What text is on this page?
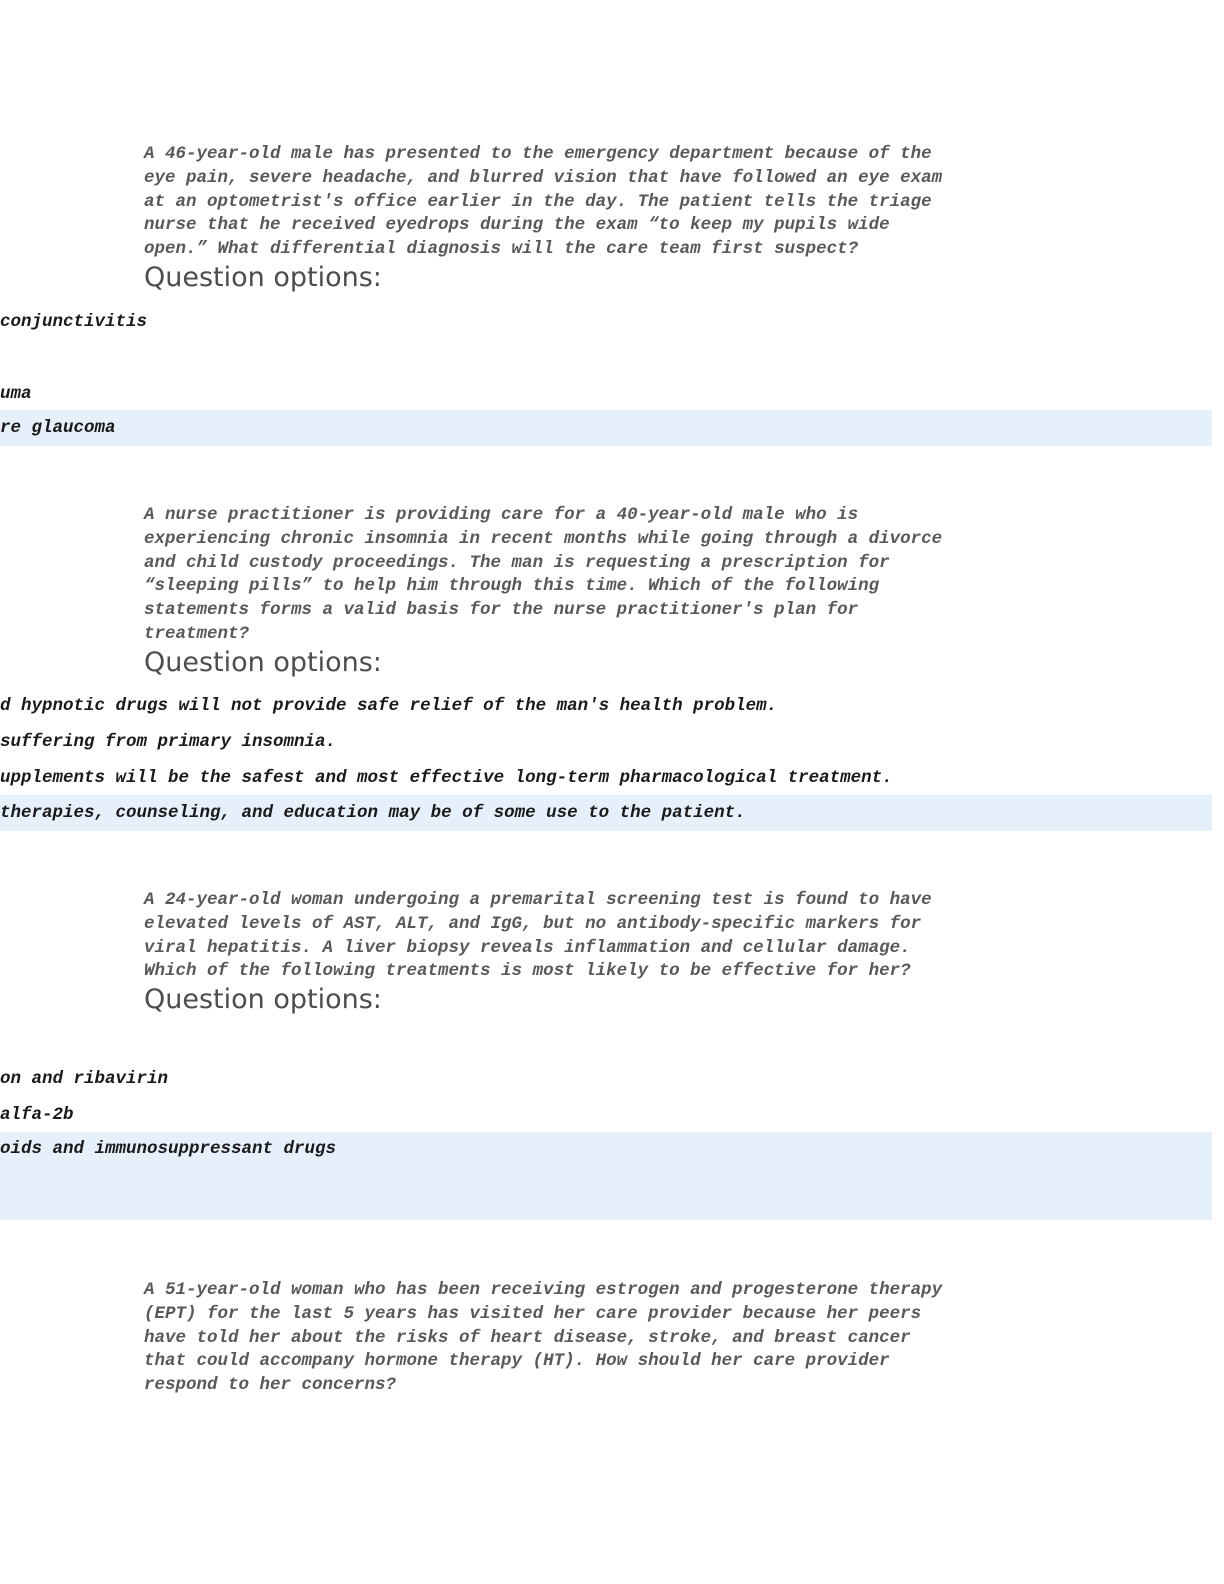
A 46-year-old male has presented to the emergency department because of the
eye pain, severe headache, and blurred vision that have followed an eye exam
at an optometrist's office earlier in the day. The patient tells the triage
nurse that he received eyedrops during the exam “to keep my pupils wide
open.” What differential diagnosis will the care team first suspect?

Question options:
conjunctivitis
uma
re glaucoma

A nurse practitioner is providing care for a 40-year-old male who is
experiencing chronic insomnia in recent months while going through a divorce
and child custody proceedings. The man is requesting a prescription for
“sleeping pills” to help him through this time. Which of the following
statements forms a valid basis for the nurse practitioner's plan for
treatment?

Question options:
d hypnotic drugs will not provide safe relief of the man's health problem.
suffering from primary insomnia.
upplements will be the safest and most effective long-term pharmacological treatment.
therapies, counseling, and education may be of some use to the patient.

A 24-year-old woman undergoing a premarital screening test is found to have
elevated levels of AST, ALT, and IgG, but no antibody-specific markers for
viral hepatitis. A liver biopsy reveals inflammation and cellular damage.
Which of the following treatments is most likely to be effective for her?

Question options:
on and ribavirin
alfa-2b
oids and immunosuppressant drugs

A 51-year-old woman who has been receiving estrogen and progesterone therapy
(EPT) for the last 5 years has visited her care provider because her peers
have told her about the risks of heart disease, stroke, and breast cancer
that could accompany hormone therapy (HT). How should her care provider
respond to her concerns?
